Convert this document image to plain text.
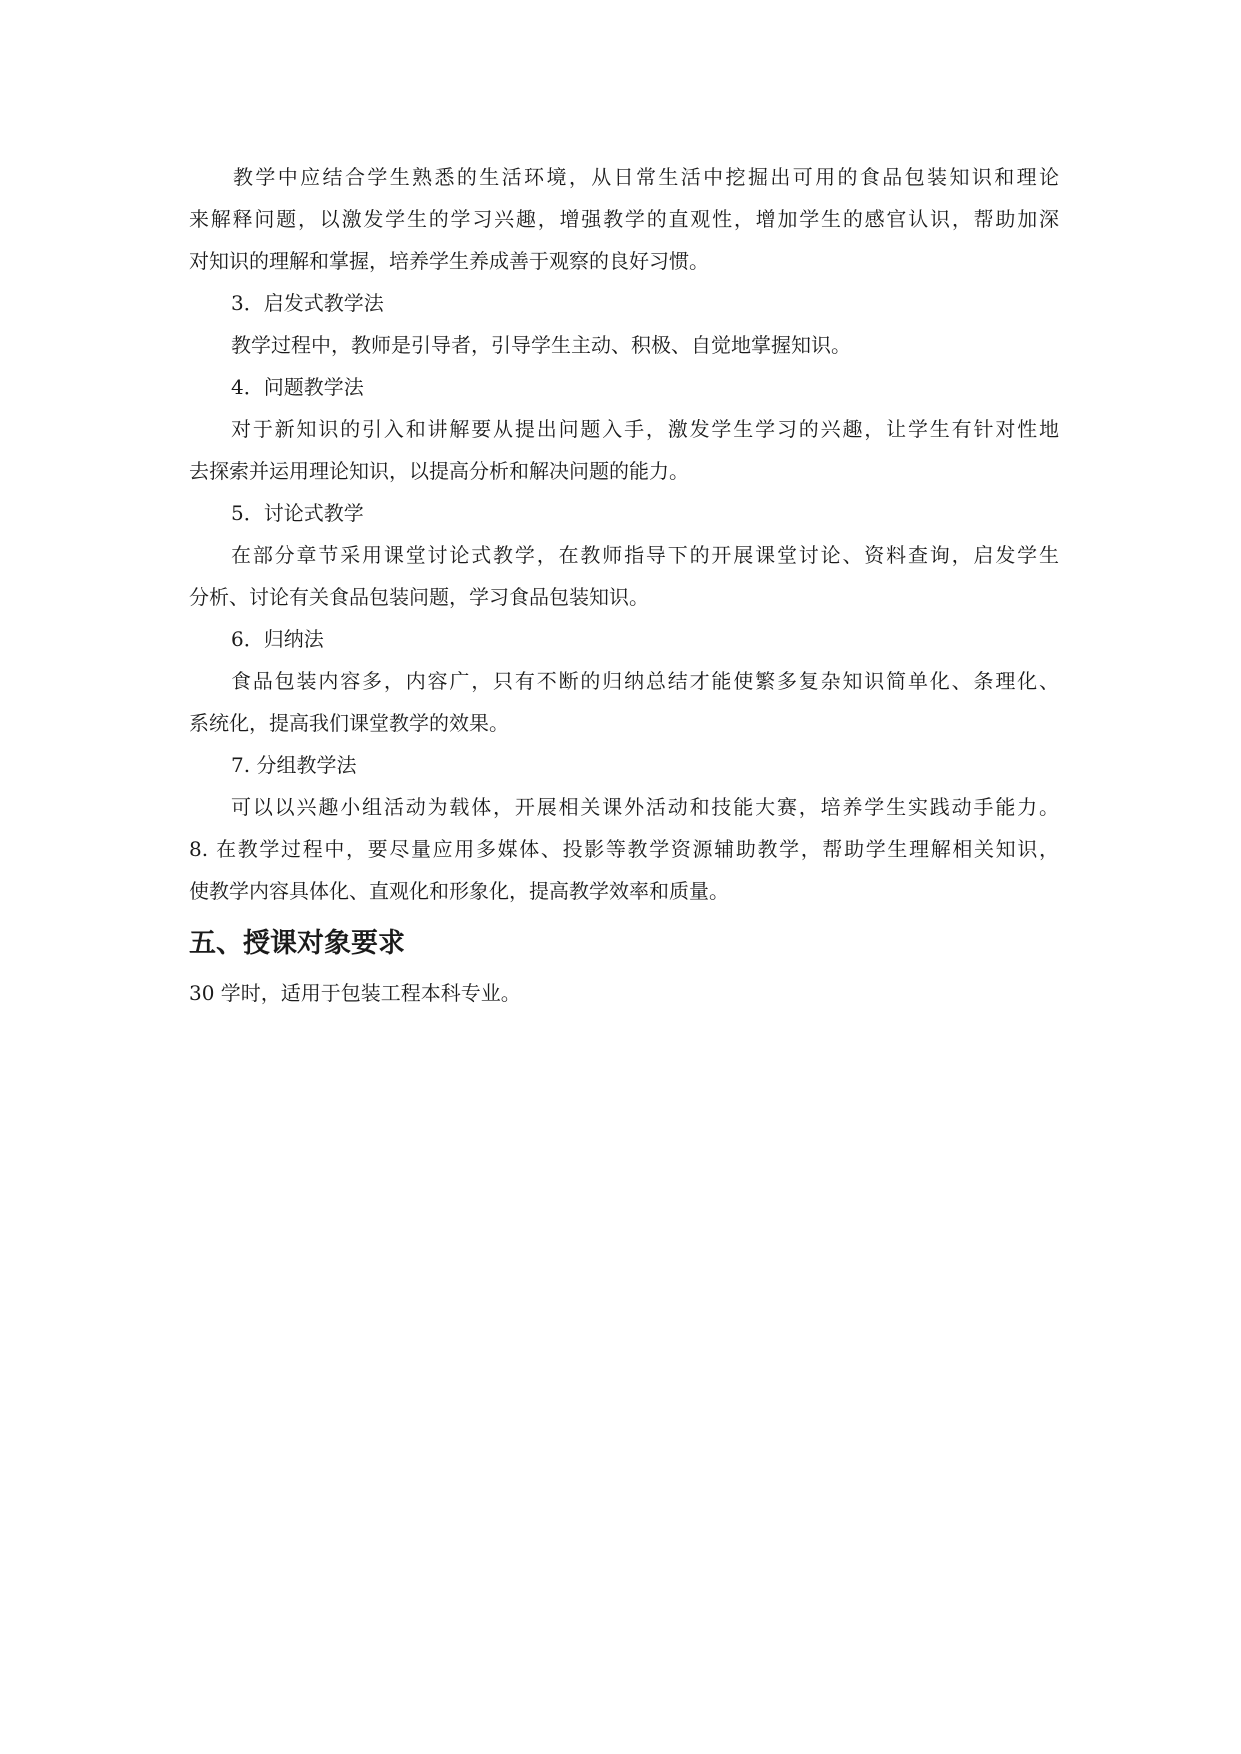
教学中应结合学生熟悉的生活环境，从日常生活中挖掘出可用的食品包装知识和理论
来解释问题，以激发学生的学习兴趣，增强教学的直观性，增加学生的感官认识，帮助加深
对知识的理解和掌握，培养学生养成善于观察的良好习惯。
3．启发式教学法
教学过程中，教师是引导者，引导学生主动、积极、自觉地掌握知识。
4．问题教学法
对于新知识的引入和讲解要从提出问题入手，激发学生学习的兴趣，让学生有针对性地
去探索并运用理论知识，以提高分析和解决问题的能力。
5．讨论式教学
在部分章节采用课堂讨论式教学，在教师指导下的开展课堂讨论、资料查询，启发学生
分析、讨论有关食品包装问题，学习食品包装知识。
6．归纳法
食品包装内容多，内容广，只有不断的归纳总结才能使繁多复杂知识简单化、条理化、
系统化，提高我们课堂教学的效果。
7. 分组教学法
可以以兴趣小组活动为载体，开展相关课外活动和技能大赛，培养学生实践动手能力。
8. 在教学过程中，要尽量应用多媒体、投影等教学资源辅助教学，帮助学生理解相关知识，
使教学内容具体化、直观化和形象化，提高教学效率和质量。
五、授课对象要求
30 学时，适用于包装工程本科专业。
